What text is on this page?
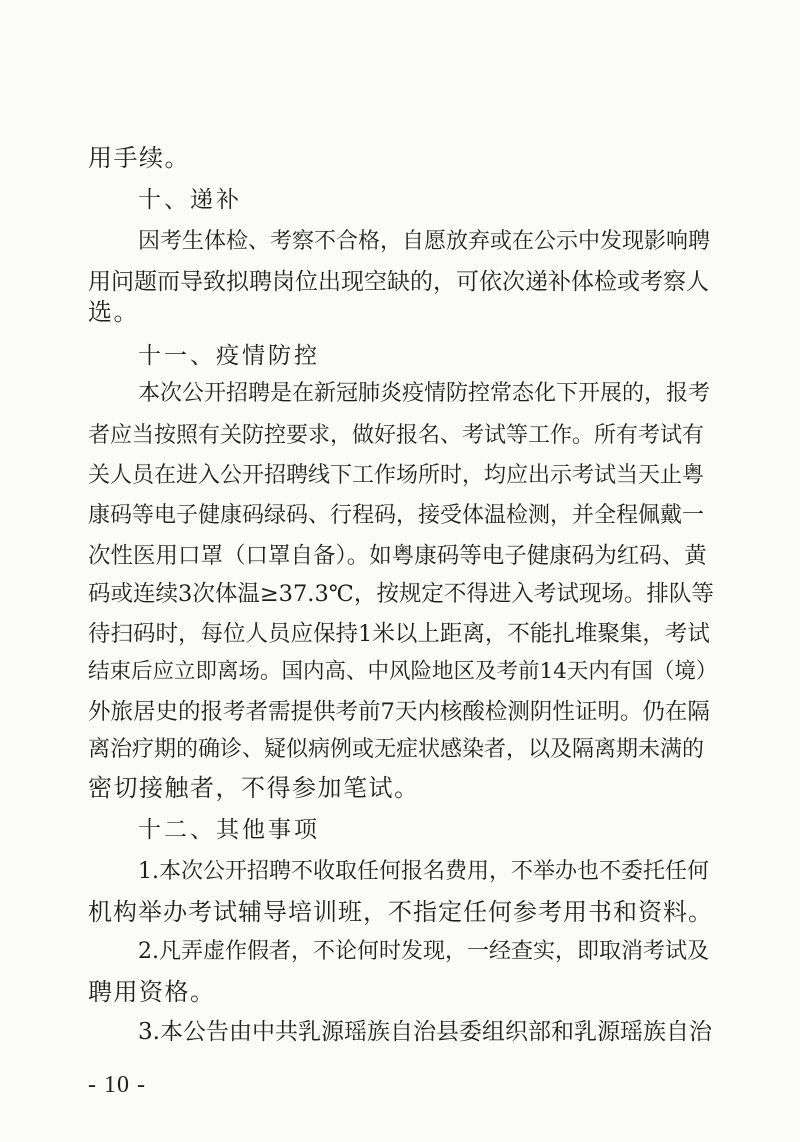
用手续。
十、递补
因考生体检、考察不合格，自愿放弃或在公示中发现影响聘
用问题而导致拟聘岗位出现空缺的，可依次递补体检或考察人
选。
十一、疫情防控
本次公开招聘是在新冠肺炎疫情防控常态化下开展的，报考
者应当按照有关防控要求，做好报名、考试等工作。所有考试有
关人员在进入公开招聘线下工作场所时，均应出示考试当天止粤
康码等电子健康码绿码、行程码，接受体温检测，并全程佩戴一
次性医用口罩（口罩自备）。如粤康码等电子健康码为红码、黄
码或连续3次体温≥37.3℃，按规定不得进入考试现场。排队等
待扫码时，每位人员应保持1米以上距离，不能扎堆聚集，考试
结束后应立即离场。国内高、中风险地区及考前14天内有国（境）
外旅居史的报考者需提供考前7天内核酸检测阴性证明。仍在隔
离治疗期的确诊、疑似病例或无症状感染者，以及隔离期未满的
密切接触者，不得参加笔试。
十二、其他事项
1.本次公开招聘不收取任何报名费用，不举办也不委托任何
机构举办考试辅导培训班，不指定任何参考用书和资料。
2.凡弄虚作假者，不论何时发现，一经查实，即取消考试及
聘用资格。
3.本公告由中共乳源瑶族自治县委组织部和乳源瑶族自治
- 10 -
